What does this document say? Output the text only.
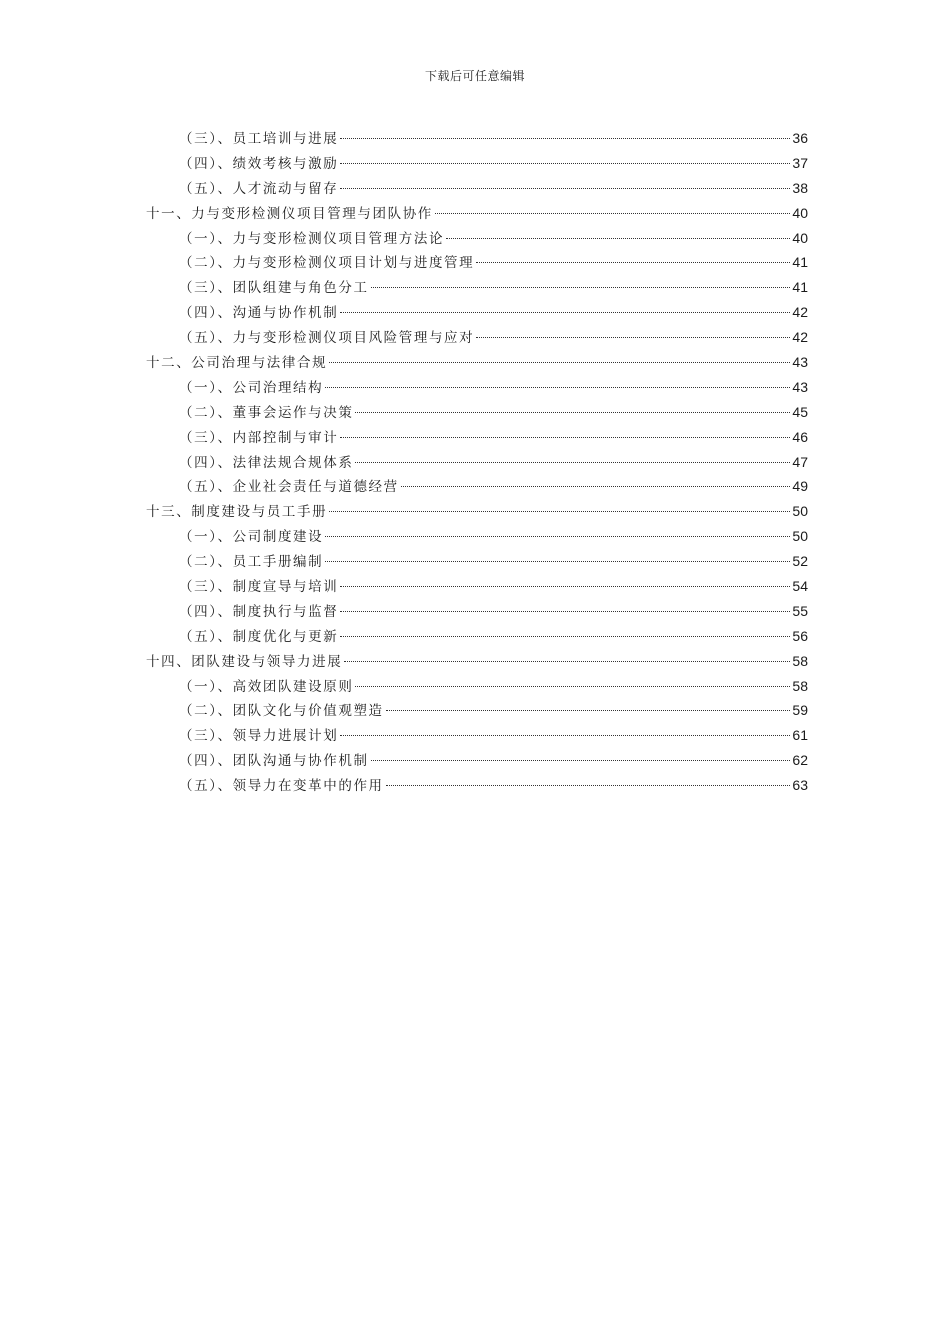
下载后可任意编辑
（三）、员工培训与进展	36
（四）、绩效考核与激励	37
（五）、人才流动与留存	38
十一、力与变形检测仪项目管理与团队协作	40
（一）、力与变形检测仪项目管理方法论	40
（二）、力与变形检测仪项目计划与进度管理	41
（三）、团队组建与角色分工	41
（四）、沟通与协作机制	42
（五）、力与变形检测仪项目风险管理与应对	42
十二、公司治理与法律合规	43
（一）、公司治理结构	43
（二）、董事会运作与决策	45
（三）、内部控制与审计	46
（四）、法律法规合规体系	47
（五）、企业社会责任与道德经营	49
十三、制度建设与员工手册	50
（一）、公司制度建设	50
（二）、员工手册编制	52
（三）、制度宣导与培训	54
（四）、制度执行与监督	55
（五）、制度优化与更新	56
十四、团队建设与领导力进展	58
（一）、高效团队建设原则	58
（二）、团队文化与价值观塑造	59
（三）、领导力进展计划	61
（四）、团队沟通与协作机制	62
（五）、领导力在变革中的作用	63
